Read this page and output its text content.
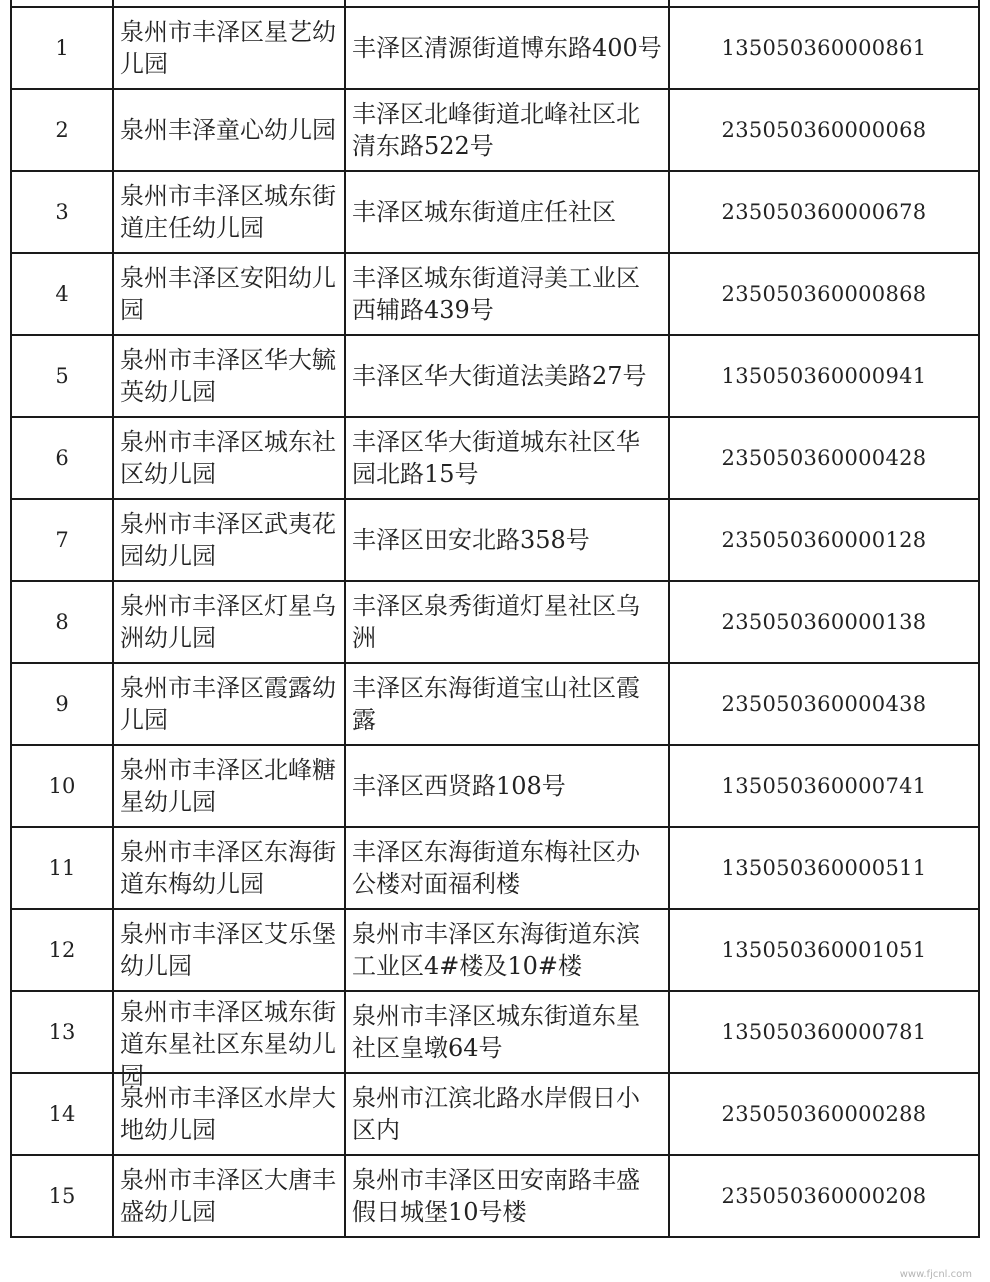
1	泉州市丰泽区星艺幼儿园	丰泽区清源街道博东路400号	135050360000861

2	泉州丰泽童心幼儿园	丰泽区北峰街道北峰社区北清东路522号	235050360000068

3	泉州市丰泽区城东街道庄任幼儿园	丰泽区城东街道庄任社区	235050360000678

4	泉州丰泽区安阳幼儿园	丰泽区城东街道浔美工业区西辅路439号	235050360000868

5	泉州市丰泽区华大毓英幼儿园	丰泽区华大街道法美路27号	135050360000941

6	泉州市丰泽区城东社区幼儿园	丰泽区华大街道城东社区华园北路15号	235050360000428

7	泉州市丰泽区武夷花园幼儿园	丰泽区田安北路358号	235050360000128

8	泉州市丰泽区灯星乌洲幼儿园	丰泽区泉秀街道灯星社区乌洲	235050360000138

9	泉州市丰泽区霞露幼儿园	丰泽区东海街道宝山社区霞露	235050360000438

10	泉州市丰泽区北峰糖星幼儿园	丰泽区西贤路108号	135050360000741

11	泉州市丰泽区东海街道东梅幼儿园	丰泽区东海街道东梅社区办公楼对面福利楼	135050360000511

12	泉州市丰泽区艾乐堡幼儿园	泉州市丰泽区东海街道东滨工业区4#楼及10#楼	135050360001051

13	泉州市丰泽区城东街道东星社区东星幼儿园	泉州市丰泽区城东街道东星社区皇墩64号	135050360000781

14	泉州市丰泽区水岸大地幼儿园	泉州市江滨北路水岸假日小区内	235050360000288

15	泉州市丰泽区大唐丰盛幼儿园	泉州市丰泽区田安南路丰盛假日城堡10号楼	235050360000208
www.fjcnl.com
